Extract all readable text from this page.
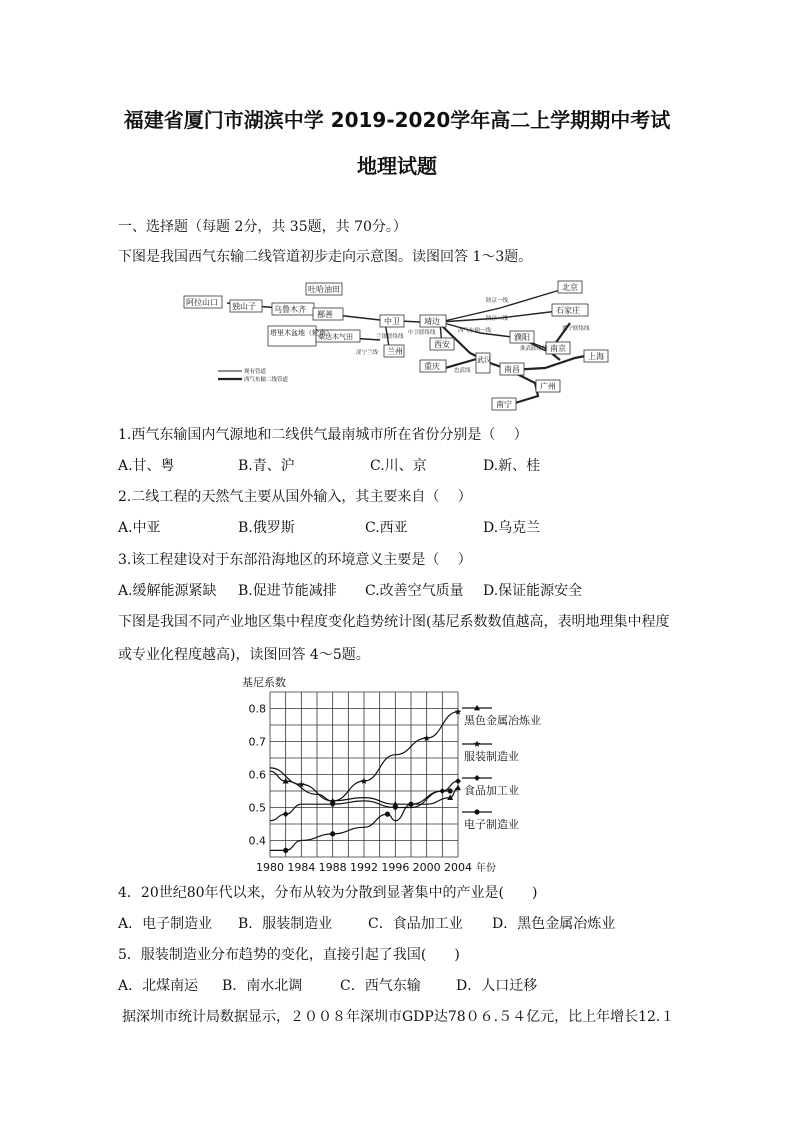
福建省厦门市湖滨中学 2019-2020学年高二上学期期中考试
地理试题
一、选择题（每题 2分，共 35题，共 70分。）
下图是我国西气东输二线管道初步走向示意图。读图回答 1～3题。
阿拉山口 独山子 乌鲁木齐
吐哈油田
鄯善
塔里木盆地（轮南）
柴达木气田
中卫	靖边
西安
北京
石家庄
濮阳
南京
上海
武汉
重庆	南昌
广州
南宁
兰州
陕京一线
陕京二线
西气东输一线	冀宁联络线
淮武联络线
忠武线
涩宁兰线
兰银联络线
中卫联络线
现有管道
西气东输二线管道
1.西气东输国内气源地和二线供气最南城市所在省份分别是（　 ）
A.甘、粤	B.青、沪	C.川、京	D.新、桂
2.二线工程的天然气主要从国外输入，其主要来自（　 ）
A.中亚	B.俄罗斯	C.西亚	D.乌克兰
3.该工程建设对于东部沿海地区的环境意义主要是（　 ）
A.缓解能源紧缺 B.促进节能减排 C.改善空气质量 D.保证能源安全
下图是我国不同产业地区集中程度变化趋势统计图(基尼系数数值越高，表明地理集中程度
或专业化程度越高)，读图回答 4～5题。
0.4
0.5
0.6
0.7
0.8
1980 1984 1988 1992 1996 2000 2004 年份
基尼系数
黑色金属冶炼业
服装制造业
食品加工业
电子制造业
4．20世纪80年代以来，分布从较为分散到显著集中的产业是(　　)
A．电子制造业 B．服装制造业	C．食品加工业 D．黑色金属冶炼业
5．服装制造业分布趋势的变化，直接引起了我国(　　)
A．北煤南运 B．南水北调	C．西气东输	D．人口迁移
据深圳市统计局数据显示，２００８年深圳市GDP达78０６.５４亿元，比上年增长12.１
